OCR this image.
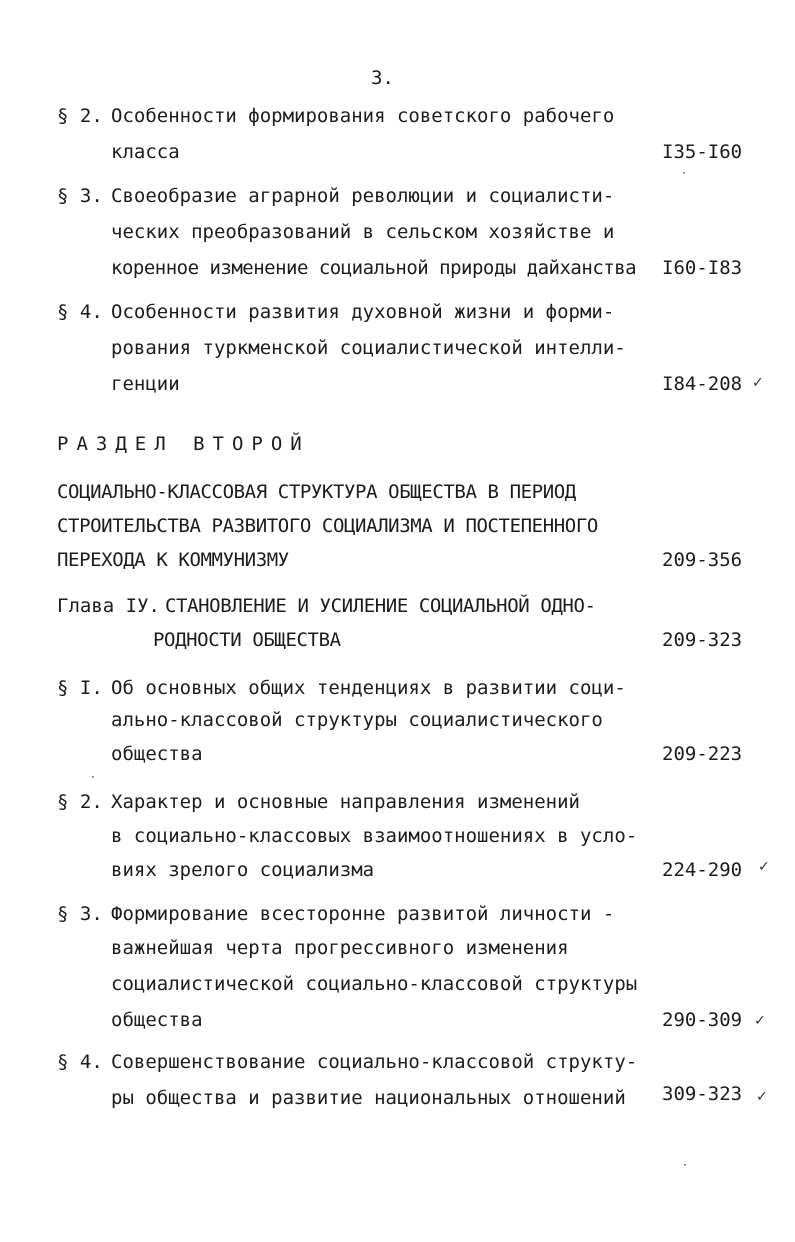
3.
§ 2. Особенности формирования советского рабочего
класса	I35-I60
§ 3. Своеобразие аграрной революции и социалисти-
ческих преобразований в сельском хозяйстве и
коренное изменение социальной природы дайханства I60-I83
§ 4. Особенности развития духовной жизни и форми-
рования туркменской социалистической интелли-
генции	I84-208 ✓
РАЗДЕЛ ВТОРОЙ
СОЦИАЛЬНО-КЛАССОВАЯ СТРУКТУРА ОБЩЕСТВА В ПЕРИОД
СТРОИТЕЛЬСТВА РАЗВИТОГО СОЦИАЛИЗМА И ПОСТЕПЕННОГО
ПЕРЕХОДА К КОММУНИЗМУ	209-356
Глава IУ. СТАНОВЛЕНИЕ И УСИЛЕНИЕ СОЦИАЛЬНОЙ ОДНО-
РОДНОСТИ ОБЩЕСТВА	209-323
§ I. Об основных общих тенденциях в развитии соци-
ально-классовой структуры социалистического
общества	209-223
§ 2. Характер и основные направления изменений
в социально-классовых взаимоотношениях в усло-
виях зрелого социализма	224-290 ✓
§ 3. Формирование всесторонне развитой личности -
важнейшая черта прогрессивного изменения
социалистической социально-классовой структуры
общества	290-309 ✓
§ 4. Совершенствование социально-классовой структу-
ры общества и развитие национальных отношений 309-323 ✓
